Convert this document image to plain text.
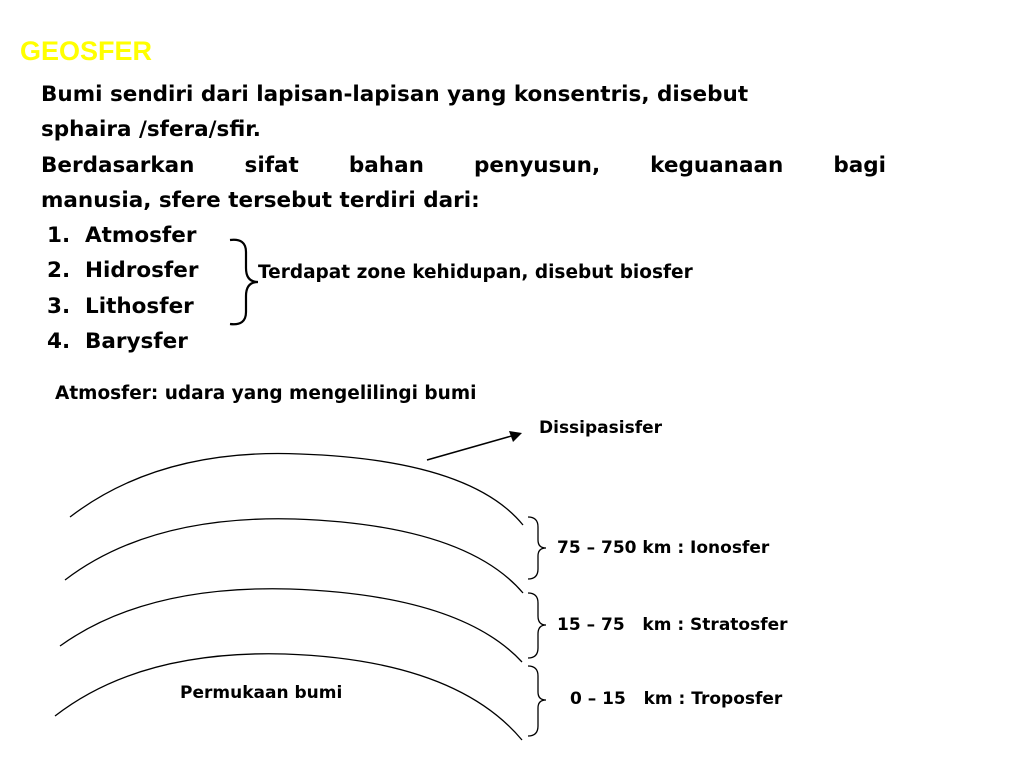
GEOSFER
Bumi sendiri dari lapisan-lapisan yang konsentris, disebut
sphaira /sfera/sfir.
Berdasarkan sifat bahan penyusun, keguanaan bagi
manusia, sfere tersebut terdiri dari:
1. Atmosfer
2. Hidrosfer
3. Lithosfer
4. Barysfer
Terdapat zone kehidupan, disebut biosfer
Atmosfer: udara yang mengelilingi bumi
Dissipasisfer
75 – 750 km : Ionosfer
15 – 75   km : Stratosfer
0 – 15   km : Troposfer
Permukaan bumi
